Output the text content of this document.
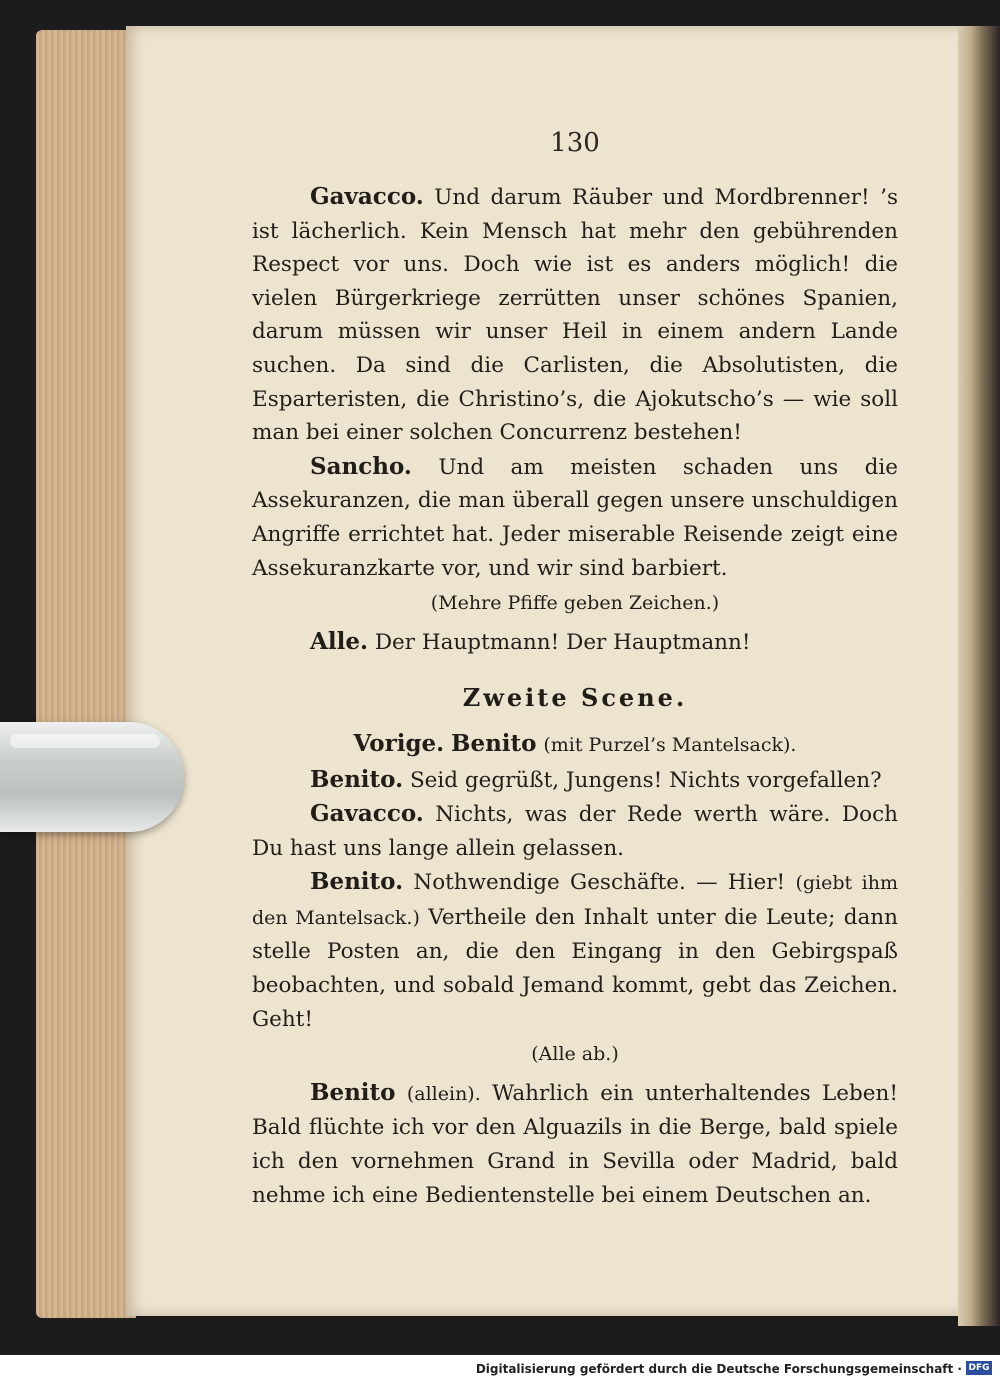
130

Gavacco. Und darum Räuber und Mordbrenner! ’s ist lächerlich. Kein Mensch hat mehr den gebührenden Respect vor uns. Doch wie ist es anders möglich! die vielen Bürgerkriege zerrütten unser schönes Spanien, darum müssen wir unser Heil in einem andern Lande suchen. Da sind die Carlisten, die Absolutisten, die Esparteristen, die Christino’s, die Ajokutscho’s — wie soll man bei einer solchen Concurrenz bestehen!

Sancho. Und am meisten schaden uns die Assekuranzen, die man überall gegen unsere unschuldigen Angriffe errichtet hat. Jeder miserable Reisende zeigt eine Assekuranzkarte vor, und wir sind barbiert.

(Mehre Pfiffe geben Zeichen.)

Alle. Der Hauptmann! Der Hauptmann!

Zweite Scene.

Vorige. Benito (mit Purzel’s Mantelsack).

Benito. Seid gegrüßt, Jungens! Nichts vorgefallen?

Gavacco. Nichts, was der Rede werth wäre. Doch Du hast uns lange allein gelassen.

Benito. Nothwendige Geschäfte. — Hier! (giebt ihm den Mantelsack.) Vertheile den Inhalt unter die Leute; dann stelle Posten an, die den Eingang in den Gebirgspaß beobachten, und sobald Jemand kommt, gebt das Zeichen. Geht!

(Alle ab.)

Benito (allein). Wahrlich ein unterhaltendes Leben! Bald flüchte ich vor den Alguazils in die Berge, bald spiele ich den vornehmen Grand in Sevilla oder Madrid, bald nehme ich eine Bedientenstelle bei einem Deutschen an.

Digitalisierung gefördert durch die Deutsche Forschungsgemeinschaft · DFG
